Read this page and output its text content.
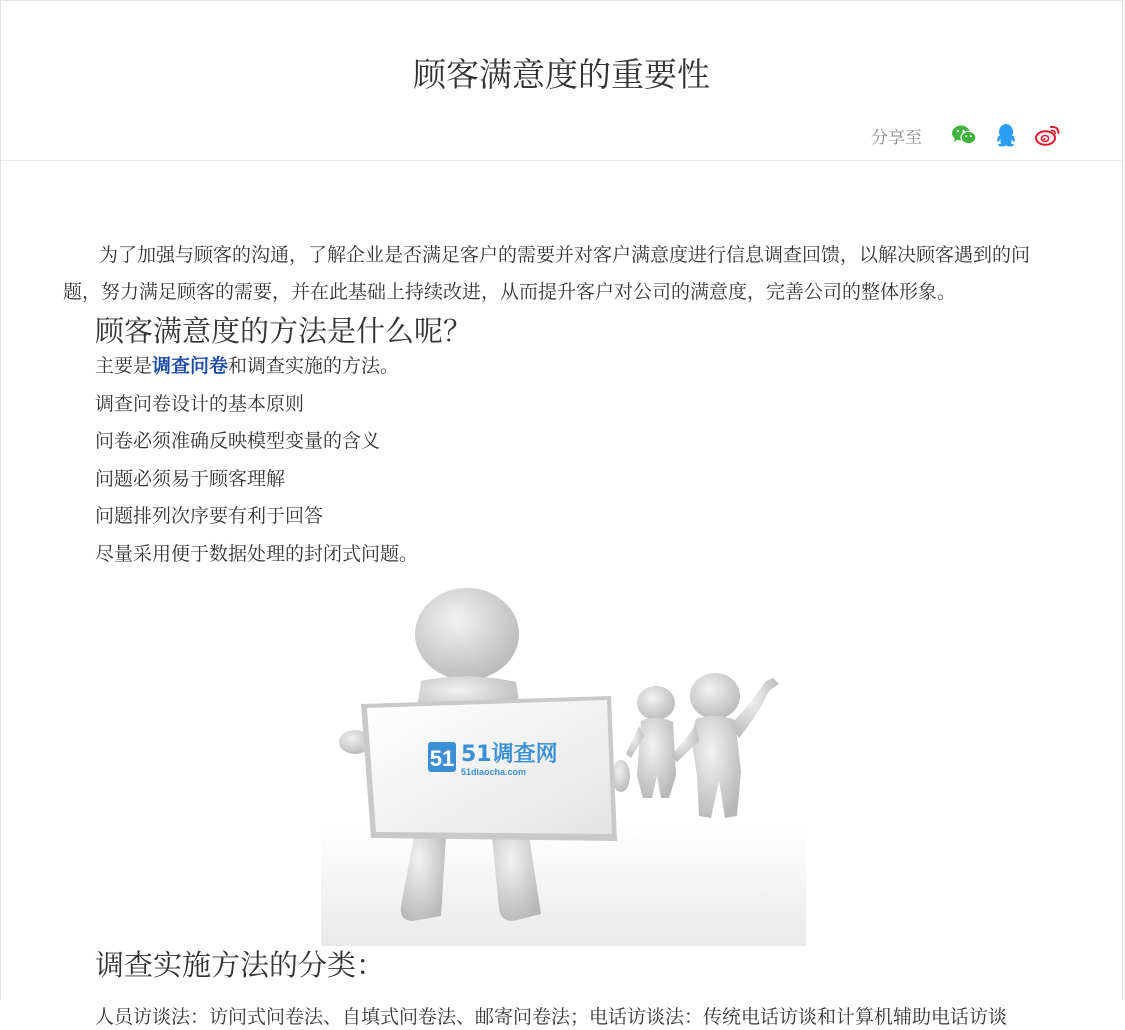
顾客满意度的重要性
分享至

为了加强与顾客的沟通，了解企业是否满足客户的需要并对客户满意度进行信息调查回馈，以解决顾客遇到的问题，努力满足顾客的需要，并在此基础上持续改进，从而提升客户对公司的满意度，完善公司的整体形象。

顾客满意度的方法是什么呢？

主要是调查问卷和调查实施的方法。

调查问卷设计的基本原则

问卷必须准确反映模型变量的含义

问题必须易于顾客理解

问题排列次序要有利于回答

尽量采用便于数据处理的封闭式问题。

51 51调查网
51diaocha.com
调查实施方法的分类：

人员访谈法：访问式问卷法、自填式问卷法、邮寄问卷法；电话访谈法：传统电话访谈和计算机辅助电话访谈
